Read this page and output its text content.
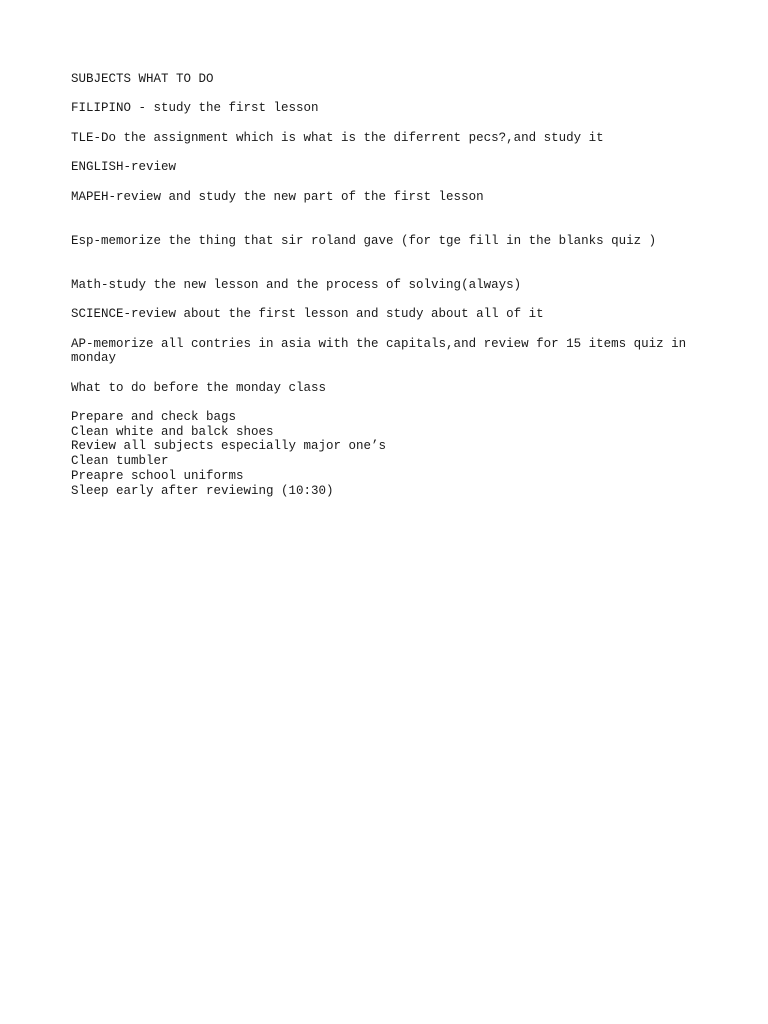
SUBJECTS WHAT TO DO

FILIPINO - study the first lesson

TLE-Do the assignment which is what is the diferrent pecs?,and study it

ENGLISH-review

MAPEH-review and study the new part of the first lesson

Esp-memorize the thing that sir roland gave (for tge fill in the blanks quiz )

Math-study the new lesson and the process of solving(always)

SCIENCE-review about the first lesson and study about all of it

AP-memorize all contries in asia with the capitals,and review for 15 items quiz in monday

What to do before the monday class

Prepare and check bags
Clean white and balck shoes
Review all subjects especially major one’s
Clean tumbler
Preapre school uniforms
Sleep early after reviewing (10:30)
